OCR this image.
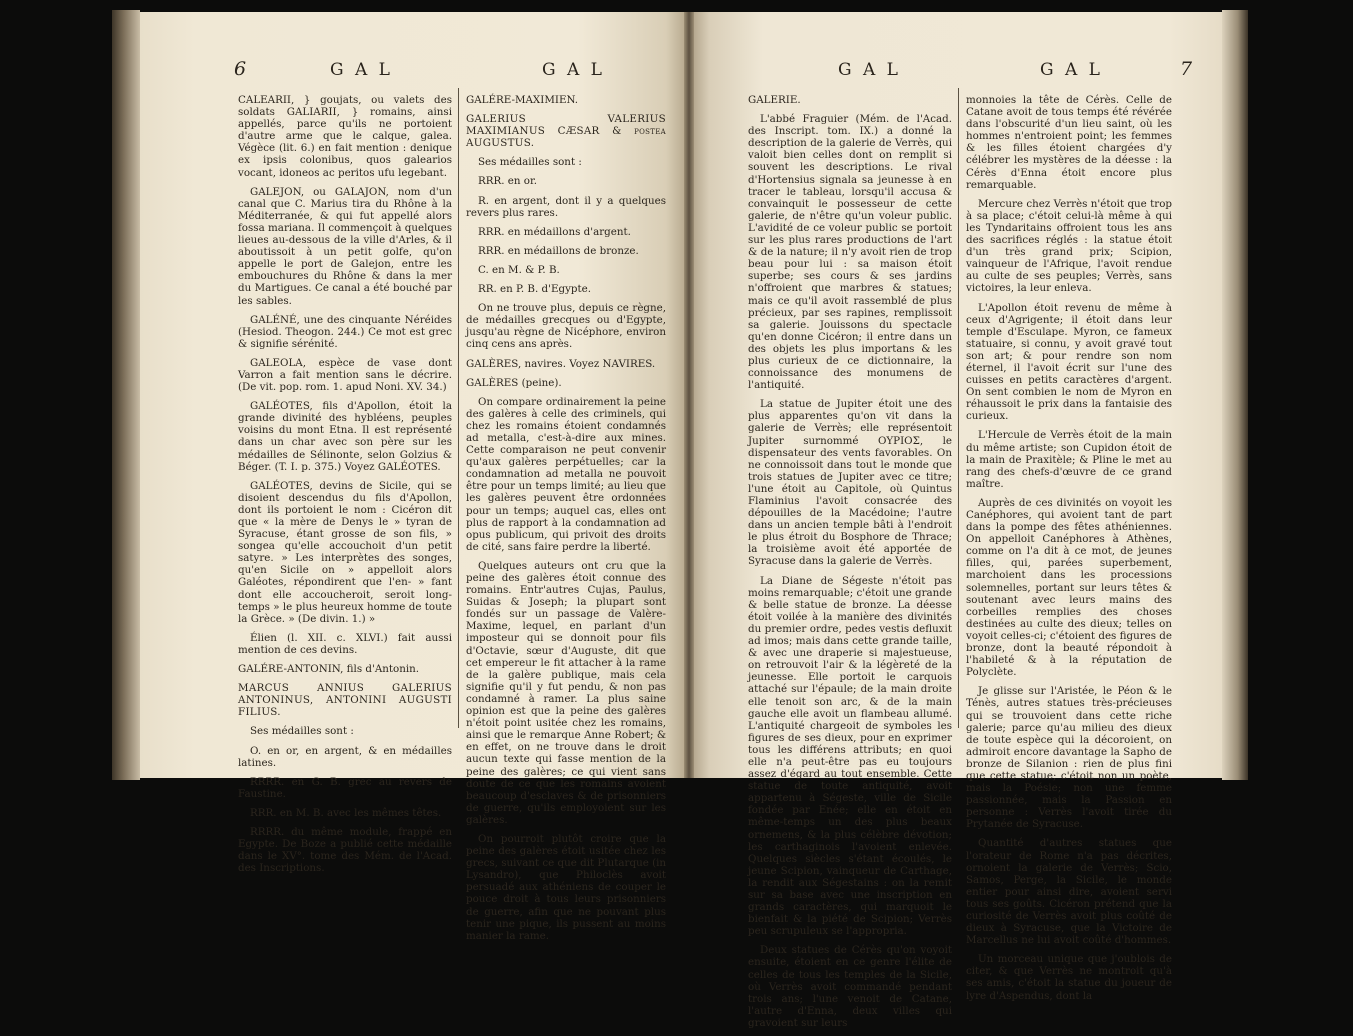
6	G A L	G A L

CALEARII, } goujats, ou valets des soldats GALIARII, } romains, ainsi appellés, parce qu'ils ne portoient d'autre arme que le calque, galea. Végèce (lit. 6.) en fait mention : denique ex ipsis colonibus, quos galearios vocant, idoneos ac peritos ufu legebant.

GALEJON, ou GALAJON, nom d'un canal que C. Marius tira du Rhône à la Méditerranée, & qui fut appellé alors fossa mariana. Il commençoit à quelques lieues au-dessous de la ville d'Arles, & il aboutissoit à un petit golfe, qu'on appelle le port de Galejon, entre les embouchures du Rhône & dans la mer du Martigues. Ce canal a été bouché par les sables.

GALÉNÉ, une des cinquante Néréides (Hesiod. Theogon. 244.) Ce mot est grec & signifie sérénité.

GALEOLA, espèce de vase dont Varron a fait mention sans le décrire. (De vit. pop. rom. 1. apud Noni. XV. 34.)

GALÉOTES, fils d'Apollon, étoit la grande divinité des hybléens, peuples voisins du mont Etna. Il est représenté dans un char avec son père sur les médailles de Sélinonte, selon Golzius & Béger. (T. I. p. 375.) Voyez GALÉOTES.

GALÉOTES, devins de Sicile, qui se disoient descendus du fils d'Apollon, dont ils portoient le nom : Cicéron dit que « la mère de Denys le » tyran de Syracuse, étant grosse de son fils, » songea qu'elle accouchoit d'un petit satyre. » Les interprètes des songes, qu'en Sicile on » appelloit alors Galéotes, répondirent que l'en- » fant dont elle accoucheroit, seroit long-temps » le plus heureux homme de toute la Grèce. » (De divin. 1.) »

Élien (l. XII. c. XLVI.) fait aussi mention de ces devins.

GALÉRE-ANTONIN, fils d'Antonin.

MARCUS ANNIUS GALERIUS ANTONINUS, ANTONINI AUGUSTI FILIUS.

Ses médailles sont :

O. en or, en argent, & en médailles latines.

RRRR. en G. B. grec au revers de Faustine.

RRR. en M. B. avec les mêmes têtes.

RRRR. du même module, frappé en Egypte. De Boze a publié cette médaille dans le XV°. tome des Mém. de l'Acad. des Inscriptions.

GALÉRE-MAXIMIEN.

GALERIUS VALERIUS MAXIMIANUS CÆSAR & postea AUGUSTUS.

Ses médailles sont :

RRR. en or.

R. en argent, dont il y a quelques revers plus rares.

RRR. en médaillons d'argent.

RRR. en médaillons de bronze.

C. en M. & P. B.

RR. en P. B. d'Egypte.

On ne trouve plus, depuis ce règne, de médailles grecques ou d'Egypte, jusqu'au règne de Nicéphore, environ cinq cens ans après.

GALÈRES, navires. Voyez NAVIRES.

GALÈRES (peine).

On compare ordinairement la peine des galères à celle des criminels, qui chez les romains étoient condamnés ad metalla, c'est-à-dire aux mines. Cette comparaison ne peut convenir qu'aux galères perpétuelles; car la condamnation ad metalla ne pouvoit être pour un temps limité; au lieu que les galères peuvent être ordonnées pour un temps; auquel cas, elles ont plus de rapport à la condamnation ad opus publicum, qui privoit des droits de cité, sans faire perdre la liberté.

Quelques auteurs ont cru que la peine des galères étoit connue des romains. Entr'autres Cujas, Paulus, Suidas & Joseph; la plupart sont fondés sur un passage de Valère-Maxime, lequel, en parlant d'un imposteur qui se donnoit pour fils d'Octavie, sœur d'Auguste, dit que cet empereur le fit attacher à la rame de la galère publique, mais cela signifie qu'il y fut pendu, & non pas condamné à ramer. La plus saine opinion est que la peine des galères n'étoit point usitée chez les romains, ainsi que le remarque Anne Robert; & en effet, on ne trouve dans le droit aucun texte qui fasse mention de la peine des galères; ce qui vient sans doute de ce que les romains avoient beaucoup d'esclaves & de prisonniers de guerre, qu'ils employoient sur les galères.

On pourroit plutôt croire que la peine des galères étoit usitée chez les grecs, suivant ce que dit Plutarque (in Lysandro), que Philoclès avoit persuadé aux athéniens de couper le pouce droit à tous leurs prisonniers de guerre, afin que ne pouvant plus tenir une pique, ils pussent au moins manier la rame.

G A L	G A L	7

GALERIE.

L'abbé Fraguier (Mém. de l'Acad. des Inscript. tom. IX.) a donné la description de la galerie de Verrès, qui valoit bien celles dont on remplit si souvent les descriptions. Le rival d'Hortensius signala sa jeunesse à en tracer le tableau, lorsqu'il accusa & convainquit le possesseur de cette galerie, de n'être qu'un voleur public. L'avidité de ce voleur public se portoit sur les plus rares productions de l'art & de la nature; il n'y avoit rien de trop beau pour lui : sa maison étoit superbe; ses cours & ses jardins n'offroient que marbres & statues; mais ce qu'il avoit rassemblé de plus précieux, par ses rapines, remplissoit sa galerie. Jouissons du spectacle qu'en donne Cicéron; il entre dans un des objets les plus importans & les plus curieux de ce dictionnaire, la connoissance des monumens de l'antiquité.

La statue de Jupiter étoit une des plus apparentes qu'on vit dans la galerie de Verrès; elle représentoit Jupiter surnommé ΟΥΡΙΟΣ, le dispensateur des vents favorables. On ne connoissoit dans tout le monde que trois statues de Jupiter avec ce titre; l'une étoit au Capitole, où Quintus Flaminius l'avoit consacrée des dépouilles de la Macédoine; l'autre dans un ancien temple bâti à l'endroit le plus étroit du Bosphore de Thrace; la troisième avoit été apportée de Syracuse dans la galerie de Verrès.

La Diane de Ségeste n'étoit pas moins remarquable; c'étoit une grande & belle statue de bronze. La déesse étoit voilée à la manière des divinités du premier ordre, pedes vestis defluxit ad imos; mais dans cette grande taille, & avec une draperie si majestueuse, on retrouvoit l'air & la légèreté de la jeunesse. Elle portoit le carquois attaché sur l'épaule; de la main droite elle tenoit son arc, & de la main gauche elle avoit un flambeau allumé. L'antiquité chargeoit de symboles les figures de ses dieux, pour en exprimer tous les différens attributs; en quoi elle n'a peut-être pas eu toujours assez d'égard au tout ensemble. Cette statue de toute antiquité, avoit appartenu à Ségeste, ville de Sicile fondée par Enée; elle en étoit en même-temps un des plus beaux ornemens, & la plus célèbre dévotion; les carthaginois l'avoient enlevée. Quelques siècles s'étant écoulés, le jeune Scipion, vainqueur de Carthage, la rendit aux Ségestains : on la remit sur sa base avec une inscription en grands caractères, qui marquoit le bienfait & la piété de Scipion; Verrès peu scrupuleux se l'appropria.

Deux statues de Cérès qu'on voyoit ensuite, étoient en ce genre l'élite de celles de tous les temples de la Sicile, où Verrès avoit commandé pendant trois ans; l'une venoit de Catane, l'autre d'Enna, deux villes qui gravoient sur leurs

monnoies la tête de Cérès. Celle de Catane avoit de tous temps été révérée dans l'obscurité d'un lieu saint, où les hommes n'entroient point; les femmes & les filles étoient chargées d'y célébrer les mystères de la déesse : la Cérès d'Enna étoit encore plus remarquable.

Mercure chez Verrès n'étoit que trop à sa place; c'étoit celui-là même à qui les Tyndaritains offroient tous les ans des sacrifices réglés : la statue étoit d'un très grand prix; Scipion, vainqueur de l'Afrique, l'avoit rendue au culte de ses peuples; Verrès, sans victoires, la leur enleva.

L'Apollon étoit revenu de même à ceux d'Agrigente; il étoit dans leur temple d'Esculape. Myron, ce fameux statuaire, si connu, y avoit gravé tout son art; & pour rendre son nom éternel, il l'avoit écrit sur l'une des cuisses en petits caractères d'argent. On sent combien le nom de Myron en réhaussoit le prix dans la fantaisie des curieux.

L'Hercule de Verrès étoit de la main du même artiste; son Cupidon étoit de la main de Praxitèle; & Pline le met au rang des chefs-d'œuvre de ce grand maître.

Auprès de ces divinités on voyoit les Canéphores, qui avoient tant de part dans la pompe des fêtes athéniennes. On appelloit Canéphores à Athènes, comme on l'a dit à ce mot, de jeunes filles, qui, parées superbement, marchoient dans les processions solemnelles, portant sur leurs têtes & soutenant avec leurs mains des corbeilles remplies des choses destinées au culte des dieux; telles on voyoit celles-ci; c'étoient des figures de bronze, dont la beauté répondoit à l'habileté & à la réputation de Polyclète.

Je glisse sur l'Aristée, le Péon & le Ténès, autres statues très-précieuses qui se trouvoient dans cette riche galerie; parce qu'au milieu des dieux de toute espèce qui la décoroient, on admiroit encore davantage la Sapho de bronze de Silanion : rien de plus fini que cette statue; c'étoit non un poète, mais la Poésie; non une femme passionnée, mais la Passion en personne : Verrès l'avoit tirée du Prytanée de Syracuse.

Quantité d'autres statues que l'orateur de Rome n'a pas décrites, ornoient la galerie de Verrès; Scio, Samos, Perge, la Sicile, le monde entier pour ainsi dire, avoient servi tous ses goûts. Cicéron prétend que la curiosité de Verrès avoit plus coûté de dieux à Syracuse, que la Victoire de Marcellus ne lui avoit coûté d'hommes.

Un morceau unique que j'oublois de citer, & que Verrès ne montroit qu'à ses amis, c'étoit la statue du joueur de lyre d'Aspendus, dont la
